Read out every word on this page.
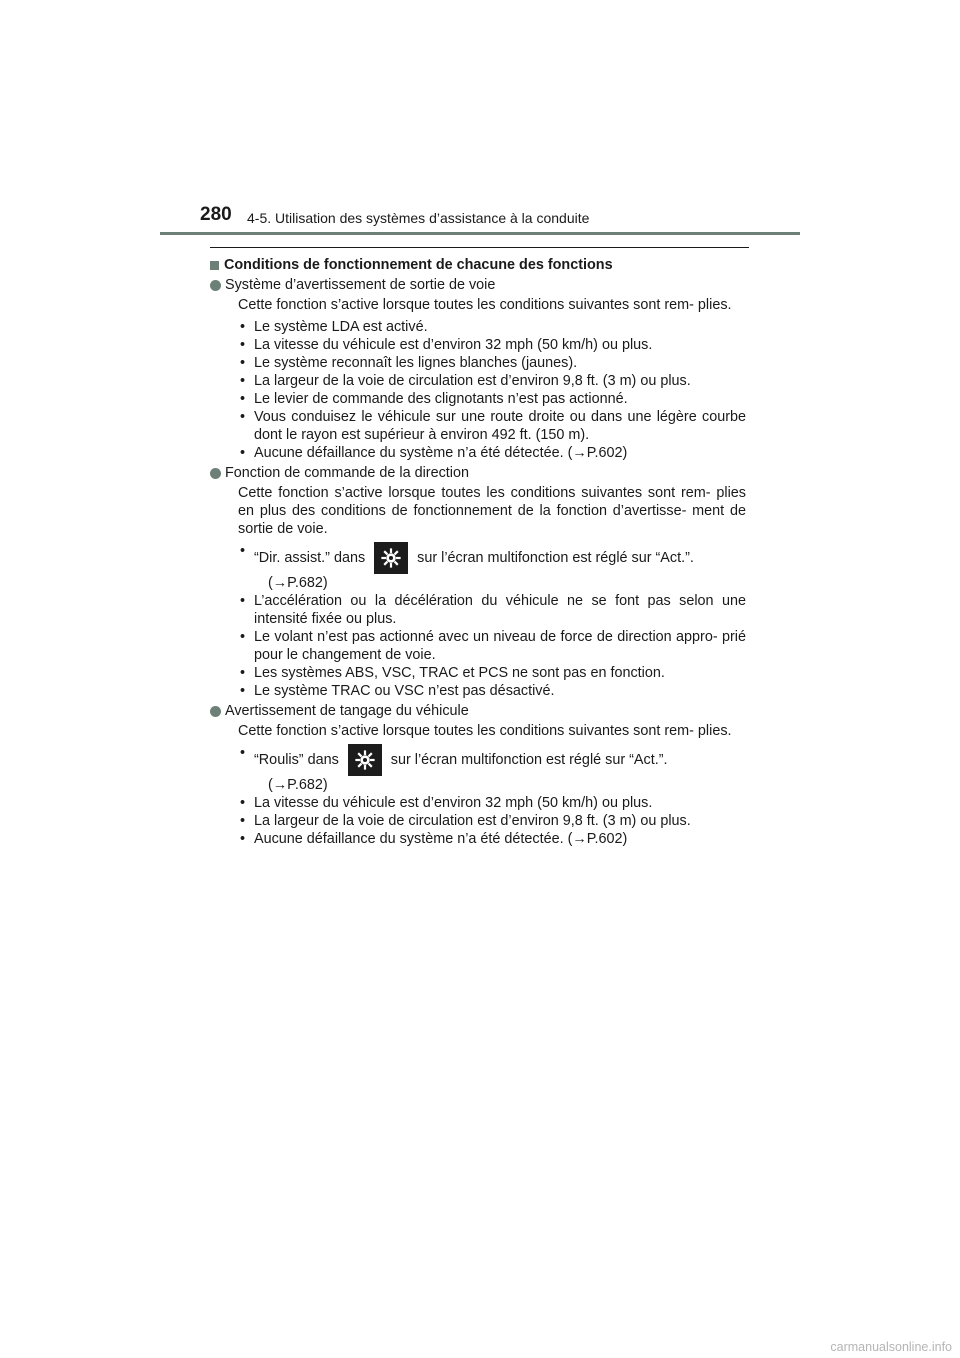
280 4-5. Utilisation des systèmes d’assistance à la conduite
Conditions de fonctionnement de chacune des fonctions
Système d’avertissement de sortie de voie

Cette fonction s’active lorsque toutes les conditions suivantes sont rem- plies.

• Le système LDA est activé.
• La vitesse du véhicule est d’environ 32 mph (50 km/h) ou plus.
• Le système reconnaît les lignes blanches (jaunes).
• La largeur de la voie de circulation est d’environ 9,8 ft. (3 m) ou plus.
• Le levier de commande des clignotants n’est pas actionné.
• Vous conduisez le véhicule sur une route droite ou dans une légère courbe dont le rayon est supérieur à environ 492 ft. (150 m).
• Aucune défaillance du système n’a été détectée. (→P.602)
Fonction de commande de la direction

Cette fonction s’active lorsque toutes les conditions suivantes sont rem- plies en plus des conditions de fonctionnement de la fonction d’avertisse- ment de sortie de voie.

• “Dir. assist.” dans	sur l’écran multifonction est réglé sur “Act.”.
(→P.682)
• L’accélération ou la décélération du véhicule ne se font pas selon une intensité fixée ou plus.
• Le volant n’est pas actionné avec un niveau de force de direction appro- prié pour le changement de voie.
• Les systèmes ABS, VSC, TRAC et PCS ne sont pas en fonction.
• Le système TRAC ou VSC n’est pas désactivé.
Avertissement de tangage du véhicule

Cette fonction s’active lorsque toutes les conditions suivantes sont rem- plies.

• “Roulis” dans	sur l’écran multifonction est réglé sur “Act.”.
(→P.682)
• La vitesse du véhicule est d’environ 32 mph (50 km/h) ou plus.
• La largeur de la voie de circulation est d’environ 9,8 ft. (3 m) ou plus.
• Aucune défaillance du système n’a été détectée. (→P.602)
carmanualsonline.info
